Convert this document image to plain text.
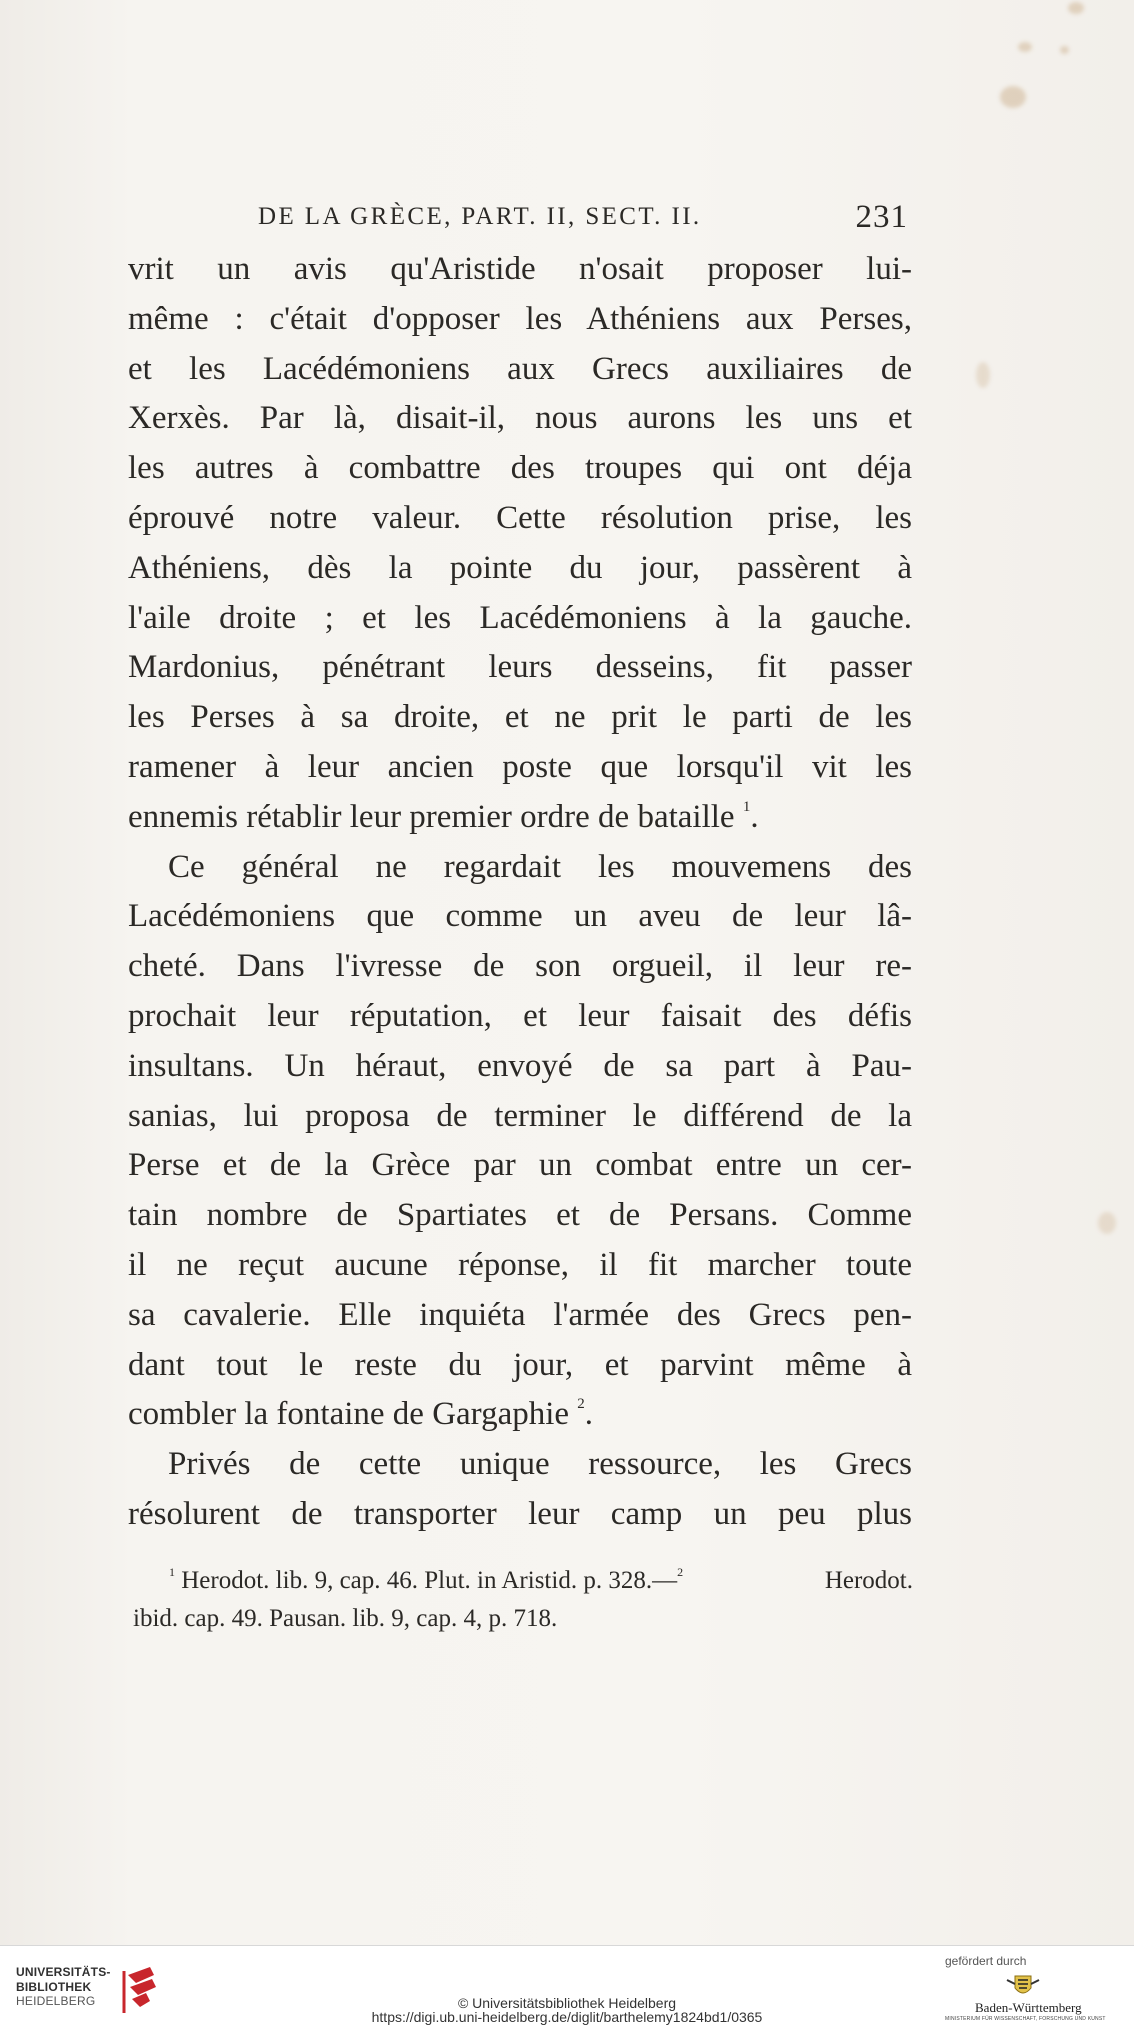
DE LA GRÈCE, PART. II, SECT. II.	231
vrit un avis qu'Aristide n'osait proposer lui-
même : c'était d'opposer les Athéniens aux Perses,
et les Lacédémoniens aux Grecs auxiliaires de
Xerxès. Par là, disait-il, nous aurons les uns et
les autres à combattre des troupes qui ont déja
éprouvé notre valeur. Cette résolution prise, les
Athéniens, dès la pointe du jour, passèrent à
l'aile droite ; et les Lacédémoniens à la gauche.
Mardonius, pénétrant leurs desseins, fit passer
les Perses à sa droite, et ne prit le parti de les
ramener à leur ancien poste que lorsqu'il vit les
ennemis rétablir leur premier ordre de bataille $^1$.
Ce général ne regardait les mouvemens des
Lacédémoniens que comme un aveu de leur lâ-
cheté. Dans l'ivresse de son orgueil, il leur re-
prochait leur réputation, et leur faisait des défis
insultans. Un héraut, envoyé de sa part à Pau-
sanias, lui proposa de terminer le différend de la
Perse et de la Grèce par un combat entre un cer-
tain nombre de Spartiates et de Persans. Comme
il ne reçut aucune réponse, il fit marcher toute
sa cavalerie. Elle inquiéta l'armée des Grecs pen-
dant tout le reste du jour, et parvint même à
combler la fontaine de Gargaphie $^2$.
Privés de cette unique ressource, les Grecs
résolurent de transporter leur camp un peu plus
$^1$ Herodot. lib. 9, cap. 46. Plut. in Aristid. p. 328.—$^2$	Herodot.
ibid. cap. 49. Pausan. lib. 9, cap. 4, p. 718.
UNIVERSITÄTS-
BIBLIOTHEK
HEIDELBERG	© Universitätsbibliothek Heidelberg
https://digi.ub.uni-heidelberg.de/diglit/barthelemy1824bd1/0365
gefördert durch
Baden-Württemberg
MINISTERIUM FÜR WISSENSCHAFT, FORSCHUNG UND KUNST
